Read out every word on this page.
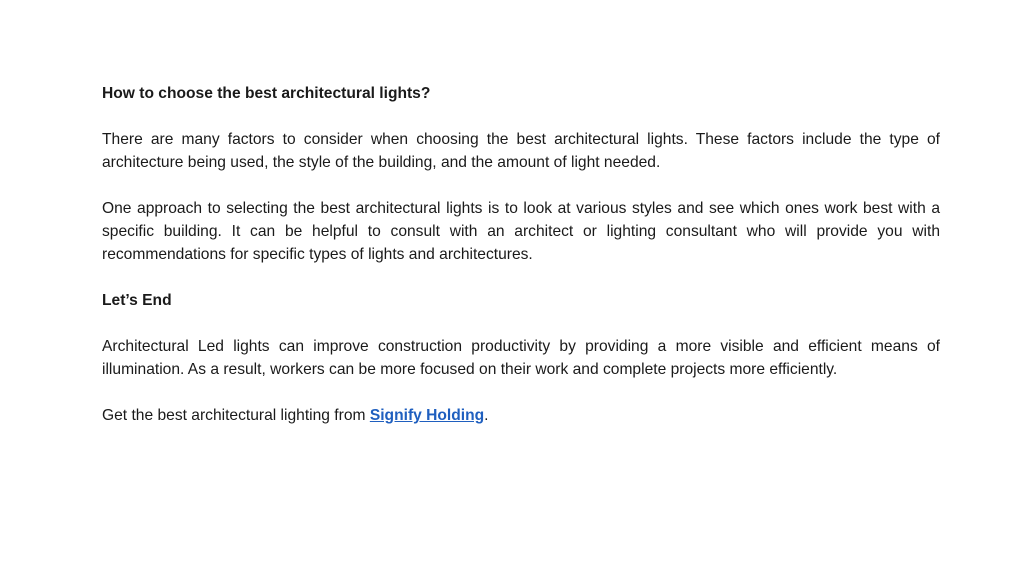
How to choose the best architectural lights?

There are many factors to consider when choosing the best architectural lights. These factors include the type of architecture being used, the style of the building, and the amount of light needed.

One approach to selecting the best architectural lights is to look at various styles and see which ones work best with a specific building. It can be helpful to consult with an architect or lighting consultant who will provide you with recommendations for specific types of lights and architectures.

Let’s End

Architectural Led lights can improve construction productivity by providing a more visible and efficient means of illumination. As a result, workers can be more focused on their work and complete projects more efficiently.

Get the best architectural lighting from Signify Holding.
